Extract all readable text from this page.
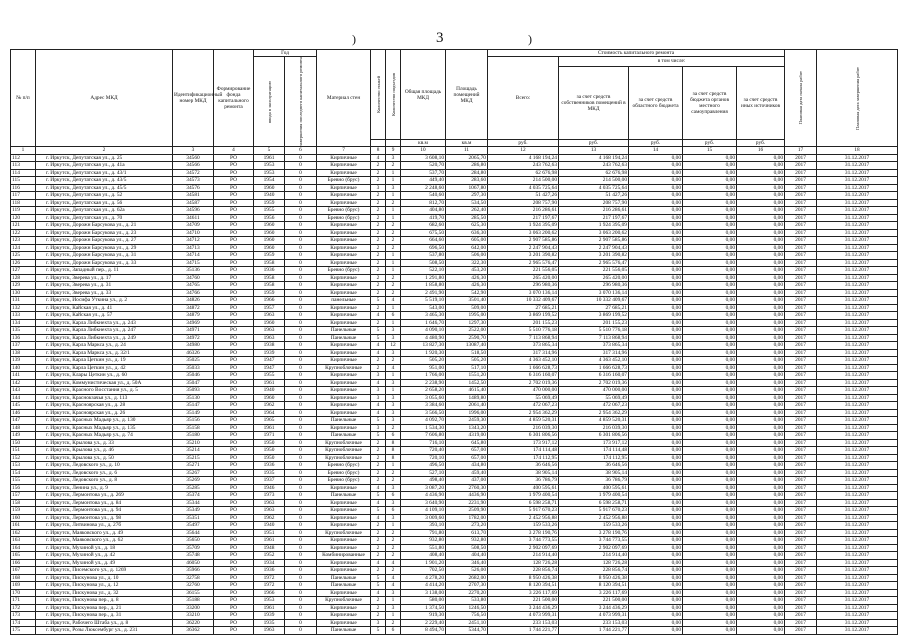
)	3	)
№ п/п	Адрес МКД	Идентификационный номер МКД	Формирование фонда капитального ремонта	Год		Материал стен	Количество этажей	Количество подъездов	Общая площадь МКД	Площадь помещений МКД	Стоимость капитального ремонта					Плановая дата начала работ	Плановая дата завершения работ

				ввода в эксплуатацию	завершения последнего капитального ремонта						Всего:	в том числе:					
												за счет средств собственников помещений в МКД	за счет средств областного бюджета	за счет средств бюджета органов местного самоуправления	за счет средств иных источников		

									кв.м	кв.м	руб.	руб.	руб.	руб.	руб.		
1	2	3	4	5	6	7	8	9	10	11	12	13	14	15	16	17	18
112	г. Иркутск, Депутатская ул., д. 25	34560	РО	1961	0	Кирпичные	4	3	3 608,10	2065,70	4 168 194,24	4 168 194,24	0,00	0,00	0,00	2017	31.12.2017
113	г. Иркутск, Депутатская ул., д. 41а	34566	РО	1953	0	Кирпичные	2	2	520,70	286,80	243 762,63	243 762,63	0,00	0,00	0,00	2017	31.12.2017
114	г. Иркутск, Депутатская ул., д. 43/1	34572	РО	1953	0	Кирпичные	2	1	537,70	284,80	62 676,98	62 676,98	0,00	0,00	0,00	2017	31.12.2017
115	г. Иркутск, Депутатская ул., д. 43/5	34573	РО	1954	0	Бревно (брус)	2	1	449,40	283,60	214 500,00	214 500,00	0,00	0,00	0,00	2017	31.12.2017
116	г. Иркутск, Депутатская ул., д. 45/5	34576	РО	1960	0	Кирпичные	3	3	2 248,60	1067,80	4 035 725,64	4 035 725,64	0,00	0,00	0,00	2017	31.12.2017
117	г. Иркутск, Депутатская ул., д. 52	34581	РО	1940	0	Кирпичные	2	1	540,60	297,30	51 427,26	51 427,26	0,00	0,00	0,00	2017	31.12.2017
118	г. Иркутск, Депутатская ул., д. 56	34587	РО	1959	0	Кирпичные	2	2	812,70	534,50	208 757,90	208 757,90	0,00	0,00	0,00	2017	31.12.2017
119	г. Иркутск, Депутатская ул., д. 62а	34596	РО	1955	0	Бревно (брус)	2	1	404,80	262,40	216 286,61	216 286,61	0,00	0,00	0,00	2017	31.12.2017
120	г. Иркутск, Депутатская ул., д. 70	34611	РО	1956	0	Бревно (брус)	2	1	419,70	285,50	217 197,67	217 197,67	0,00	0,00	0,00	2017	31.12.2017
121	г. Иркутск, Дорожн Барсукова ул., д. 21	34709	РО	1960	0	Кирпичные	2	2	682,60	625,30	1 924 395,09	1 924 395,09	0,00	0,00	0,00	2017	31.12.2017
122	г. Иркутск, Дорожн Барсукова ул., д. 23	34710	РО	1960	0	Кирпичные	2	2	675,50	636,30	3 063 200,62	3 063 200,62	0,00	0,00	0,00	2017	31.12.2017
123	г. Иркутск, Дорожн Барсукова ул., д. 27	34712	РО	1960	0	Кирпичные	2	2	664,60	605,00	2 907 585,86	2 907 585,86	0,00	0,00	0,00	2017	31.12.2017
124	г. Иркутск, Дорожн Барсукова ул., д. 29	34713	РО	1960	0	Кирпичные	2	2	696,50	642,00	2 247 904,43	2 247 904,43	0,00	0,00	0,00	2017	31.12.2017
125	г. Иркутск, Дорожн Барсукова ул., д. 31	34714	РО	1959	0	Кирпичные	2	1	537,80	506,00	3 201 390,82	3 201 390,82	0,00	0,00	0,00	2017	31.12.2017
126	г. Иркутск, Дорожн Барсукова ул., д. 33	34715	РО	1958	0	Кирпичные	2	1	508,50	322,30	2 965 576,47	2 965 576,47	0,00	0,00	0,00	2017	31.12.2017
127	г. Иркутск, Западный пер., д. 11	35136	РО	1936	0	Бревно (брус)	2	1	522,10	453,20	221 556,05	221 556,05	0,00	0,00	0,00	2017	31.12.2017
128	г. Иркутск, Зверева ул., д. 17	34760	РО	1958	0	Кирпичные	2	2	1 291,80	426,30	265 420,00	265 420,00	0,00	0,00	0,00	2017	31.12.2017
129	г. Иркутск, Зверева ул., д. 31	34765	РО	1958	0	Кирпичные	2	2	1 858,80	426,30	296 980,36	296 980,36	0,00	0,00	0,00	2017	31.12.2017
130	г. Иркутск, Зверева ул., д. 33	34766	РО	1959	0	Кирпичные	2	2	2 491,90	542,90	3 070 136,14	3 070 136,14	0,00	0,00	0,00	2017	31.12.2017
131	г. Иркутск, Иосифа Уткина ул., д. 2	34826	РО	1966	0	панельные	5	4	5 519,10	3501,40	10 332 409,67	10 332 409,67	0,00	0,00	0,00	2017	31.12.2017
132	г. Иркутск, Кайская ул., д. 41	34872	РО	1957	0	Кирпичные	2	1	543,00	509,00	27 685,21	27 685,21	0,00	0,00	0,00	2017	31.12.2017
133	г. Иркутск, Кайская ул., д. 57	34879	РО	1963	0	Кирпичные	4	6	3 465,30	1995,00	3 869 199,52	3 869 199,52	0,00	0,00	0,00	2017	31.12.2017
134	г. Иркутск, Карла Либкнехта ул., д. 243	34969	РО	1960	0	Кирпичные	2	1	1 646,70	1297,30	201 155,23	201 155,23	0,00	0,00	0,00	2017	31.12.2017
135	г. Иркутск, Карла Либкнехта ул., д. 247	34971	РО	1963	0	Панельные	5	3	4 090,10	2522,00	5 510 776,18	5 510 776,18	0,00	0,00	0,00	2017	31.12.2017
136	г. Иркутск, Карла Либкнехта ул., д. 249	34972	РО	1963	0	Панельные	5	3	4 480,90	2590,70	7 113 868,94	7 113 868,94	0,00	0,00	0,00	2017	31.12.2017
137	г. Иркутск, Карла Маркса ул., д. 24	34980	РО	1938	0	Кирпичные	4	12	13 827,30	13087,40	373 865,34	373 865,34	0,00	0,00	0,00	2017	31.12.2017
138	г. Иркутск, Карла Маркса ул., д. 32/1	46326	РО	1939	0	Кирпичные	4	3	1 920,30	518,50	317 314,96	317 314,96	0,00	0,00	0,00	2017	31.12.2017
139	г. Иркутск, Карла Цеткин ул., д. 19	35025	РО	1947	0	Кирпичные	2	2	505,20	505,20	4 363 452,10	4 363 452,10	0,00	0,00	0,00	2017	31.12.2017
140	г. Иркутск, Карла Цеткин ул., д. 42	35033	РО	1947	0	Крупноблочные	2	4	951,00	517,10	1 666 628,73	1 666 628,73	0,00	0,00	0,00	2017	31.12.2017
141	г. Иркутск, Клары Цеткин ул., д. 60	35046	РО	1955	0	Кирпичные	3	1	1 766,00	1551,20	6 316 160,07	6 316 160,07	0,00	0,00	0,00	2017	31.12.2017
142	г. Иркутск, Коммунистическая ул., д. 50А	35047	РО	1961	0	Кирпичные	4	3	2 238,90	1452,50	2 702 019,36	2 702 019,36	0,00	0,00	0,00	2017	31.12.2017
143	г. Иркутск, Красного Восстания ул., д. 5	35093	РО	1940	0	Кирпичные	3	1	2 658,20	4615,40	470 000,00	470 000,00	0,00	0,00	0,00	2017	31.12.2017
144	г. Иркутск, Краснокзачья ул., д. 113	35130	РО	1960	0	Кирпичные	3	3	3 055,60	1489,80	55 069,49	55 069,49	0,00	0,00	0,00	2017	31.12.2017
145	г. Иркутск, Красноярская ул., д. 28	35147	РО	1962	0	Кирпичные	4	3	3 384,60	2061,40	472 067,23	472 067,23	0,00	0,00	0,00	2017	31.12.2017
146	г. Иркутск, Красноярская ул., д. 26	35149	РО	1964	0	Кирпичные	4	3	3 566,50	1996,00	2 954 362,29	2 954 362,29	0,00	0,00	0,00	2017	31.12.2017
147	г. Иркутск, Красных Мадьяр ул., д. 130	35156	РО	1965	0	Панельные	5	3	4 092,70	2459,30	4 859 520,31	4 859 520,31	0,00	0,00	0,00	2017	31.12.2017
148	г. Иркутск, Красных Мадьяр ул., д. 135	35158	РО	1961	0	Кирпичные	3	2	1 534,30	1343,20	216 039,30	216 039,30	0,00	0,00	0,00	2017	31.12.2017
149	г. Иркутск, Красных Мадьяр ул., д. 74	35180	РО	1971	0	Панельные	5	6	7 606,80	4319,00	6 301 806,56	6 301 806,56	0,00	0,00	0,00	2017	31.12.2017
150	г. Иркутск, Крылова ул., д. 33	35210	РО	1950	0	Крупноблочные	2	8	716,10	645,80	173 917,12	173 917,12	0,00	0,00	0,00	2017	31.12.2017
151	г. Иркутск, Крылова ул., д. 46	35214	РО	1950	0	Крупноблочные	2	8	720,40	657,00	174 114,48	174 114,48	0,00	0,00	0,00	2017	31.12.2017
152	г. Иркутск, Крылова ул., д. 50	35215	РО	1950	0	Крупноблочные	2	8	720,10	657,00	174 112,95	174 112,95	0,00	0,00	0,00	2017	31.12.2017
153	г. Иркутск, Ледовского ул., д. 10	35271	РО	1936	0	Бревно (брус)	2	1	496,50	434,80	36 646,56	36 646,56	0,00	0,00	0,00	2017	31.12.2017
154	г. Иркутск, Ледовского ул., д. 6	35267	РО	1935	0	Бревно (брус)	2	2	527,10	459,40	38 905,14	38 905,14	0,00	0,00	0,00	2017	31.12.2017
155	г. Иркутск, Ледовского ул., д. 8	35269	РО	1937	0	Бревно (брус)	2	2	498,40	437,00	36 786,79	36 786,79	0,00	0,00	0,00	2017	31.12.2017
156	г. Иркутск, Ленина ул., д. 9	35285	РО	1946	0	Кирпичные	4	3	3 087,20	2760,30	400 595,61	400 595,61	0,00	0,00	0,00	2017	31.12.2017
157	г. Иркутск, Лермонтова ул., д. 269	35374	РО	1973	0	Панельные	5	6	4 436,90	4436,90	1 979 400,54	1 979 400,54	0,00	0,00	0,00	2017	31.12.2017
158	г. Иркутск, Лермонтова ул., д. 84	35344	РО	1963	0	Кирпичные	4	3	3 640,90	2231,90	6 598 258,71	6 598 258,71	0,00	0,00	0,00	2017	31.12.2017
159	г. Иркутск, Лермонтова ул., д. 94	35349	РО	1963	0	Кирпичные	5	6	4 109,10	2509,90	5 917 670,23	5 917 670,23	0,00	0,00	0,00	2017	31.12.2017
160	г. Иркутск, Лермонтова ул., д. 98	35351	РО	1962	0	Кирпичные	4	3	3 009,60	1782,00	2 452 956,88	2 452 956,88	0,00	0,00	0,00	2017	31.12.2017
161	г. Иркутск, Литвинова ул., д. 27б	35497	РО	1940	0	Кирпичные	2	1	393,10	273,20	159 533,26	159 533,26	0,00	0,00	0,00	2017	31.12.2017
162	г. Иркутск, Маяковского ул., д. 49	35644	РО	1951	0	Крупноблочные	2	2	791,80	613,70	3 278 190,76	3 278 190,76	0,00	0,00	0,00	2017	31.12.2017
163	г. Иркутск, Маяковского ул., д. 62	35650	РО	1961	0	Кирпичные	2	2	932,80	932,80	3 744 773,55	3 744 773,55	0,00	0,00	0,00	2017	31.12.2017
164	г. Иркутск, Мухиной ул., д. 18	35709	РО	1948	0	Кирпичные	2	2	551,80	508,50	2 902 097,69	2 902 097,69	0,00	0,00	0,00	2017	31.12.2017
165	г. Иркутск, Мухиной ул., д. 42	35748	РО	1952	0	Комбинированные	2	2	408,40	404,40	214 914,40	214 914,40	0,00	0,00	0,00	2017	31.12.2017
166	г. Иркутск, Мухиной ул., д. 49	46050	РО	1934	0	Кирпичные	4	4	1 901,20	346,40	128 726,28	128 726,28	0,00	0,00	0,00	2017	31.12.2017
167	г. Иркутск, Писемского ул., д. 1269	35966	РО	1936	0	Кирпичные	2	2	702,50	526,00	228 856,74	228 856,74	0,00	0,00	0,00	2017	31.12.2017
168	г. Иркутск, Пискунова ул., д. 10	32758	РО	1972	0	Панельные	5	4	4 278,20	2682,00	8 950 426,38	8 950 426,38	0,00	0,00	0,00	2017	31.12.2017
169	г. Иркутск, Пискунова ул., д. 12	32760	РО	1972	0	Панельные	5	4	4 414,20	2707,30	8 120 394,51	8 120 394,51	0,00	0,00	0,00	2017	31.12.2017
170	г. Иркутск, Пискунова ул., д. 32	36155	РО	1966	0	Кирпичные	4	3	3 138,00	2270,20	3 226 117,69	3 226 117,69	0,00	0,00	0,00	2017	31.12.2017
171	г. Иркутск, Пискунова пер., д. 8	35188	РО	1953	0	Крупноблочные	2	1	580,00	533,80	221 500,00	221 500,00	0,00	0,00	0,00	2017	31.12.2017
172	г. Иркутск, Пискунова пер., д. 21	33200	РО	1961	0	Кирпичные	2	3	1 374,50	1246,50	3 244 436,29	3 244 436,29	0,00	0,00	0,00	2017	31.12.2017
173	г. Иркутск, Пискунова пер., д. 31	33210	РО	1939	0	Кирпичные	2	1	919,30	756,50	4 073 999,31	4 073 999,31	0,00	0,00	0,00	2017	31.12.2017
174	г. Иркутск, Рабочего Штаба ул., д. 8	36220	РО	1935	0	Кирпичные	3	2	2 229,40	2451,10	233 153,03	233 153,03	0,00	0,00	0,00	2017	31.12.2017
175	г. Иркутск, Розы Люксембург ул., д. 231	36362	РО	1963	0	Панельные	5	6	8 494,70	5344,70	1 744 221,77	1 744 221,77	0,00	0,00	0,00	2017	31.12.2017
